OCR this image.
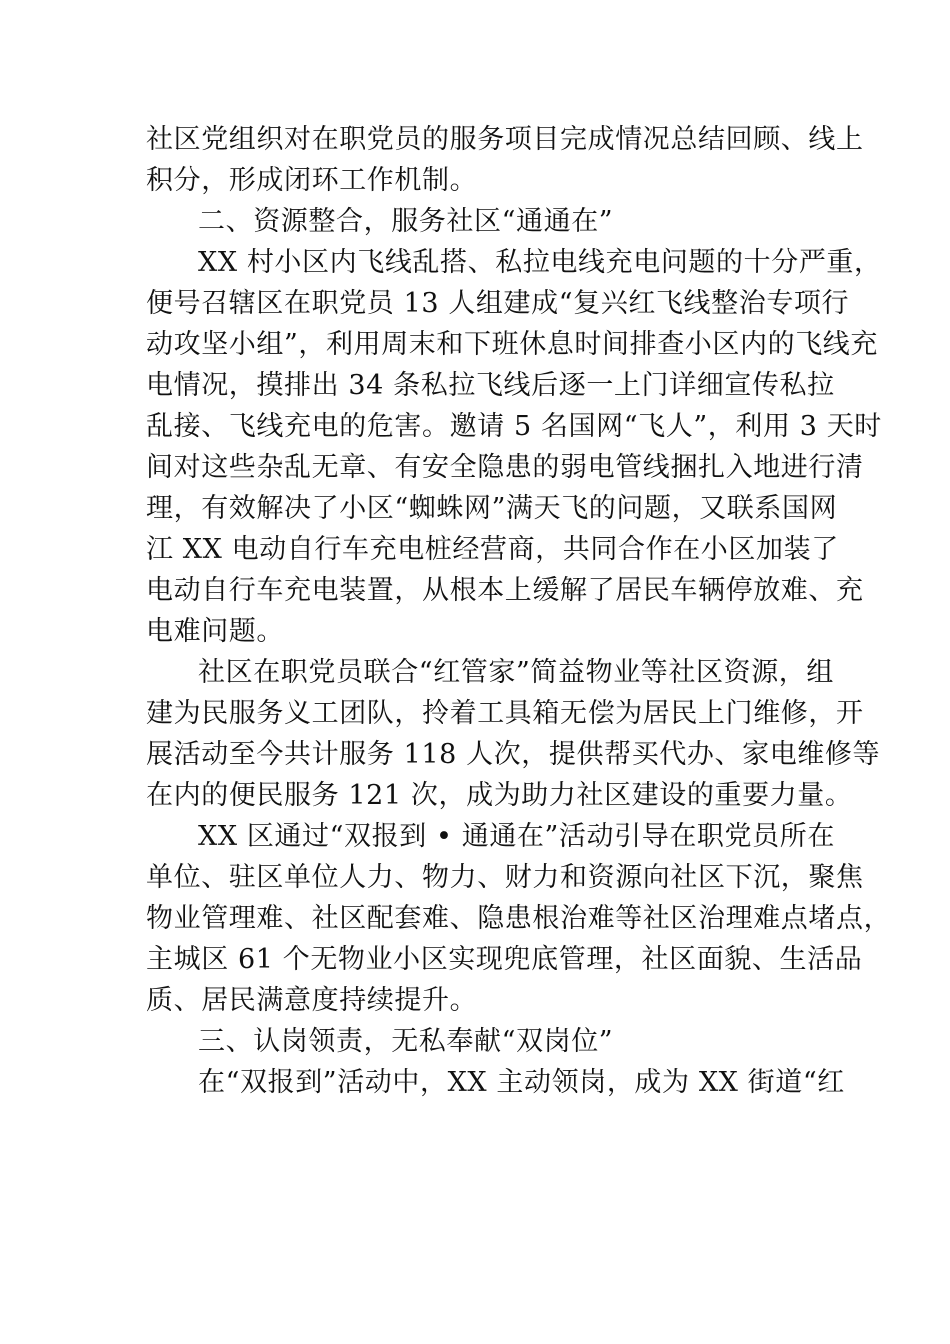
社区党组织对在职党员的服务项目完成情况总结回顾、线上
积分，形成闭环工作机制。
二、资源整合，服务社区“通通在”
XX 村小区内飞线乱搭、私拉电线充电问题的十分严重，
便号召辖区在职党员 13 人组建成“复兴红飞线整治专项行
动攻坚小组”，利用周末和下班休息时间排查小区内的飞线充
电情况，摸排出 34 条私拉飞线后逐一上门详细宣传私拉
乱接、飞线充电的危害。邀请 5 名国网“飞人”，利用 3 天时
间对这些杂乱无章、有安全隐患的弱电管线捆扎入地进行清
理，有效解决了小区“蜘蛛网”满天飞的问题，又联系国网
江 XX 电动自行车充电桩经营商，共同合作在小区加装了
电动自行车充电装置，从根本上缓解了居民车辆停放难、充
电难问题。
社区在职党员联合“红管家”简益物业等社区资源，组
建为民服务义工团队，拎着工具箱无偿为居民上门维修，开
展活动至今共计服务 118 人次，提供帮买代办、家电维修等
在内的便民服务 121 次，成为助力社区建设的重要力量。
XX 区通过“双报到 • 通通在”活动引导在职党员所在
单位、驻区单位人力、物力、财力和资源向社区下沉，聚焦
物业管理难、社区配套难、隐患根治难等社区治理难点堵点，
主城区 61 个无物业小区实现兜底管理，社区面貌、生活品
质、居民满意度持续提升。
三、认岗领责，无私奉献“双岗位”
在“双报到”活动中，XX 主动领岗，成为 XX 街道“红
